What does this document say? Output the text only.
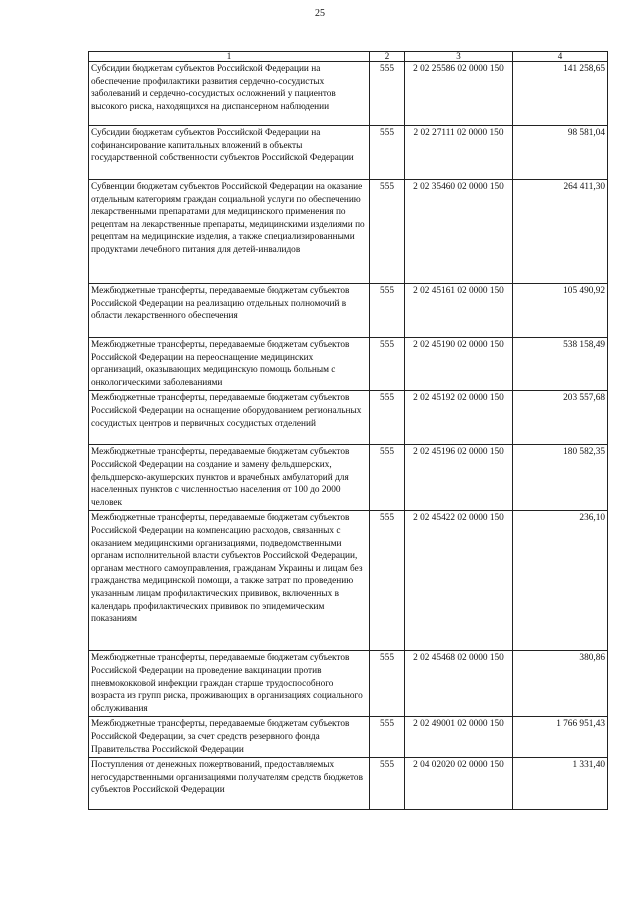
25
1	2	3	4
Субсидии бюджетам субъектов Российской Федерации на обеспечение профилактики развития сердечно-сосудистых заболеваний и сердечно-сосудистых осложнений у пациентов высокого риска, находящихся на диспансерном наблюдении	555	2 02 25586 02 0000 150	141 258,65
Субсидии бюджетам субъектов Российской Федерации на софинансирование капитальных вложений в объекты государственной собственности субъектов Российской Федерации	555	2 02 27111 02 0000 150	98 581,04
Субвенции бюджетам субъектов Российской Федерации на оказание отдельным категориям граждан социальной услуги по обеспечению лекарственными препаратами для медицинского применения по рецептам на лекарственные препараты, медицинскими изделиями по рецептам на медицинские изделия, а также специализированными продуктами лечебного питания для детей-инвалидов	555	2 02 35460 02 0000 150	264 411,30
Межбюджетные трансферты, передаваемые бюджетам субъектов Российской Федерации на реализацию отдельных полномочий в области лекарственного обеспечения	555	2 02 45161 02 0000 150	105 490,92
Межбюджетные трансферты, передаваемые бюджетам субъектов Российской Федерации на переоснащение медицинских организаций, оказывающих медицинскую помощь больным с онкологическими заболеваниями	555	2 02 45190 02 0000 150	538 158,49
Межбюджетные трансферты, передаваемые бюджетам субъектов Российской Федерации на оснащение оборудованием региональных сосудистых центров и первичных сосудистых отделений	555	2 02 45192 02 0000 150	203 557,68
Межбюджетные трансферты, передаваемые бюджетам субъектов Российской Федерации на создание и замену фельдшерских, фельдшерско-акушерских пунктов и врачебных амбулаторий для населенных пунктов с численностью населения от 100 до 2000 человек	555	2 02 45196 02 0000 150	180 582,35
Межбюджетные трансферты, передаваемые бюджетам субъектов Российской Федерации на компенсацию расходов, связанных с оказанием медицинскими организациями, подведомственными органам исполнительной власти субъектов Российской Федерации, органам местного самоуправления, гражданам Украины и лицам без гражданства медицинской помощи, а также затрат по проведению указанным лицам профилактических прививок, включенных в календарь профилактических прививок по эпидемическим показаниям	555	2 02 45422 02 0000 150	236,10
Межбюджетные трансферты, передаваемые бюджетам субъектов Российской Федерации на проведение вакцинации против пневмококковой инфекции граждан старше трудоспособного возраста из групп риска, проживающих в организациях социального обслуживания	555	2 02 45468 02 0000 150	380,86
Межбюджетные трансферты, передаваемые бюджетам субъектов Российской Федерации, за счет средств резервного фонда Правительства Российской Федерации	555	2 02 49001 02 0000 150	1 766 951,43
Поступления от денежных пожертвований, предоставляемых негосударственными организациями получателям средств бюджетов субъектов Российской Федерации	555	2 04 02020 02 0000 150	1 331,40
